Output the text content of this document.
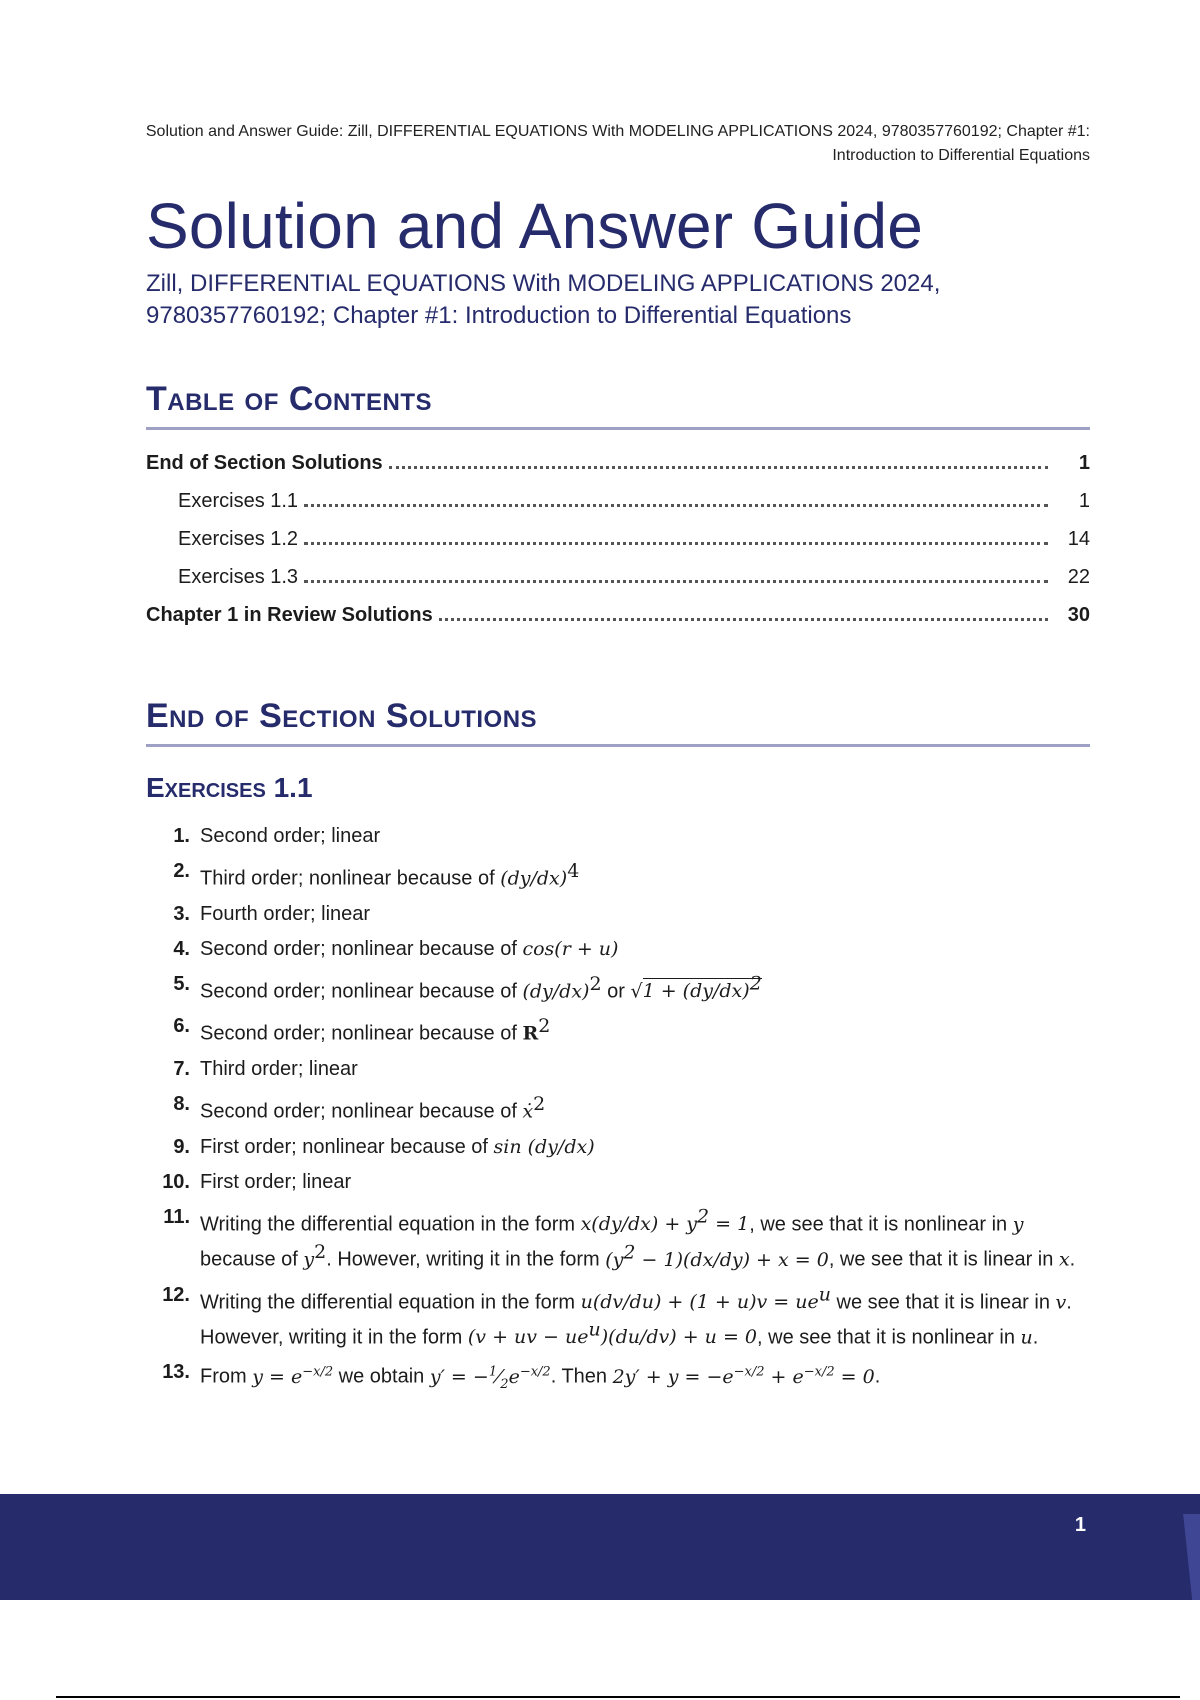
Solution and Answer Guide: Zill, DIFFERENTIAL EQUATIONS With MODELING APPLICATIONS 2024, 9780357760192; Chapter #1:
Introduction to Differential Equations
Solution and Answer Guide
Zill, DIFFERENTIAL EQUATIONS With MODELING APPLICATIONS 2024,
9780357760192; Chapter #1: Introduction to Differential Equations
Table of Contents
End of Section Solutions	1
Exercises 1.1	1
Exercises 1.2	14
Exercises 1.3	22
Chapter 1 in Review Solutions	30
End of Section Solutions
Exercises 1.1
1. Second order; linear
2. Third order; nonlinear because of $(dy/dx)^4$
3. Fourth order; linear
4. Second order; nonlinear because of cos(r + u)
5. Second order; nonlinear because of $(dy/dx)^2$ or $√1 + (dy/dx)^2$
6. Second order; nonlinear because of $R^2$
7. Third order; linear
8. Second order; nonlinear because of ẋ$^2$
9. First order; nonlinear because of sin (dy/dx)
10. First order; linear
11. Writing the differential equation in the form $x(dy/dx) + y^2 = 1$, we see that it is nonlinear in y because of $y^2$. However, writing it in the form $(y^2 - 1)(dx/dy) + x = 0$, we see that it is linear in x.
12. Writing the differential equation in the form $u(dv/du) + (1 + u)v = ue^u$ we see that it is linear in v. However, writing it in the form (v + uv − $ue^u)(du/dv) + u = 0$, we see that it is nonlinear in u.
13. From $y = e^{-x/2}$ we obtain $y' = -^1⁄_2e^{-x/2}$. Then $2y' + y = -e^{-x/2} + e^{-x/2} = 0$.
1
